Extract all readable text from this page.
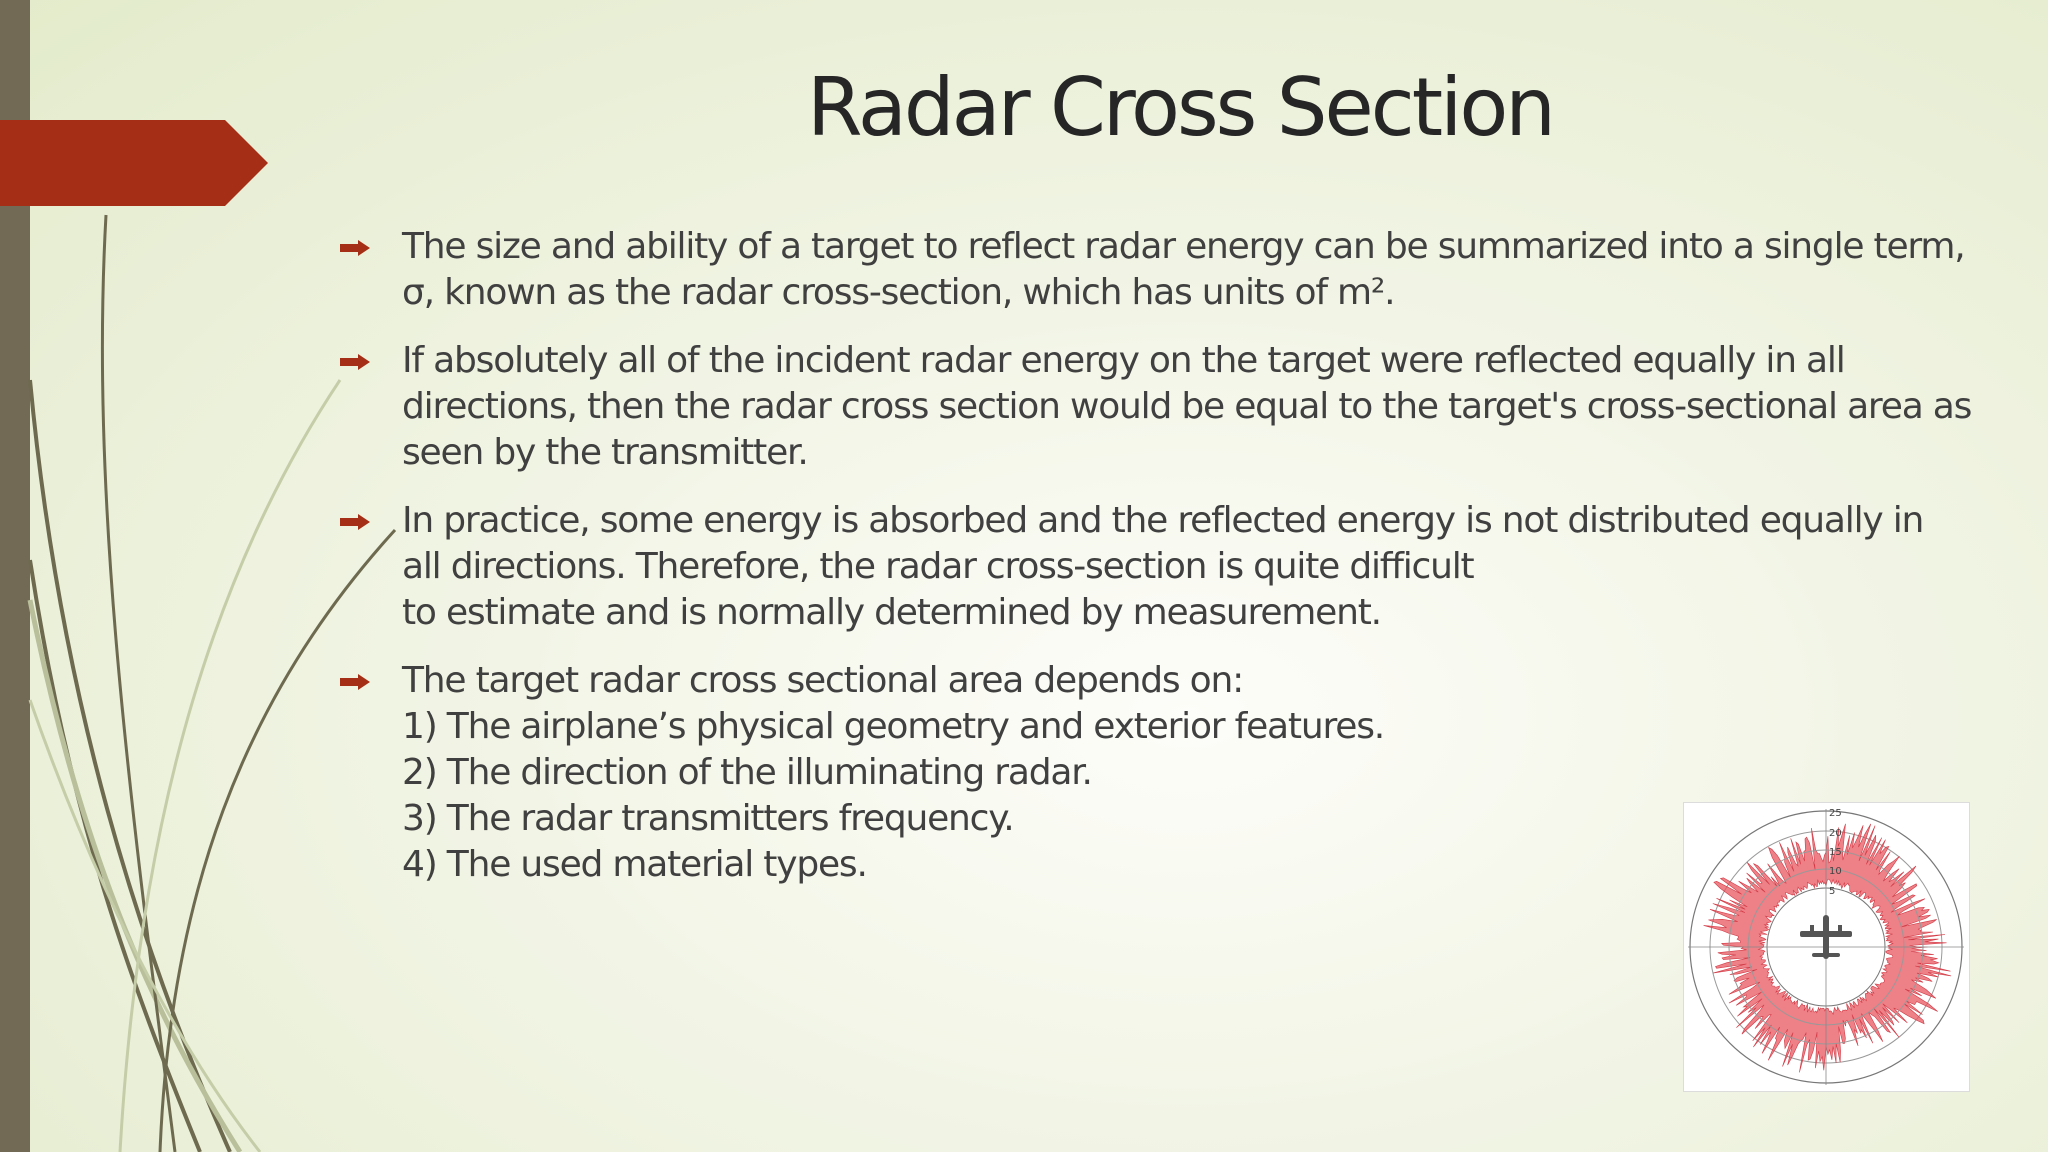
Radar Cross Section
The size and ability of a target to reflect radar energy can be summarized into a single term,
σ, known as the radar cross-section, which has units of m².
If absolutely all of the incident radar energy on the target were reflected equally in all
directions, then the radar cross section would be equal to the target's cross-sectional area as
seen by the transmitter.
In practice, some energy is absorbed and the reflected energy is not distributed equally in
all directions. Therefore, the radar cross-section is quite difficult
to estimate and is normally determined by measurement.
The target radar cross sectional area depends on:
1) The airplane’s physical geometry and exterior features.
2) The direction of the illuminating radar.
3) The radar transmitters frequency.
4) The used material types.
25
20
15
10
5
